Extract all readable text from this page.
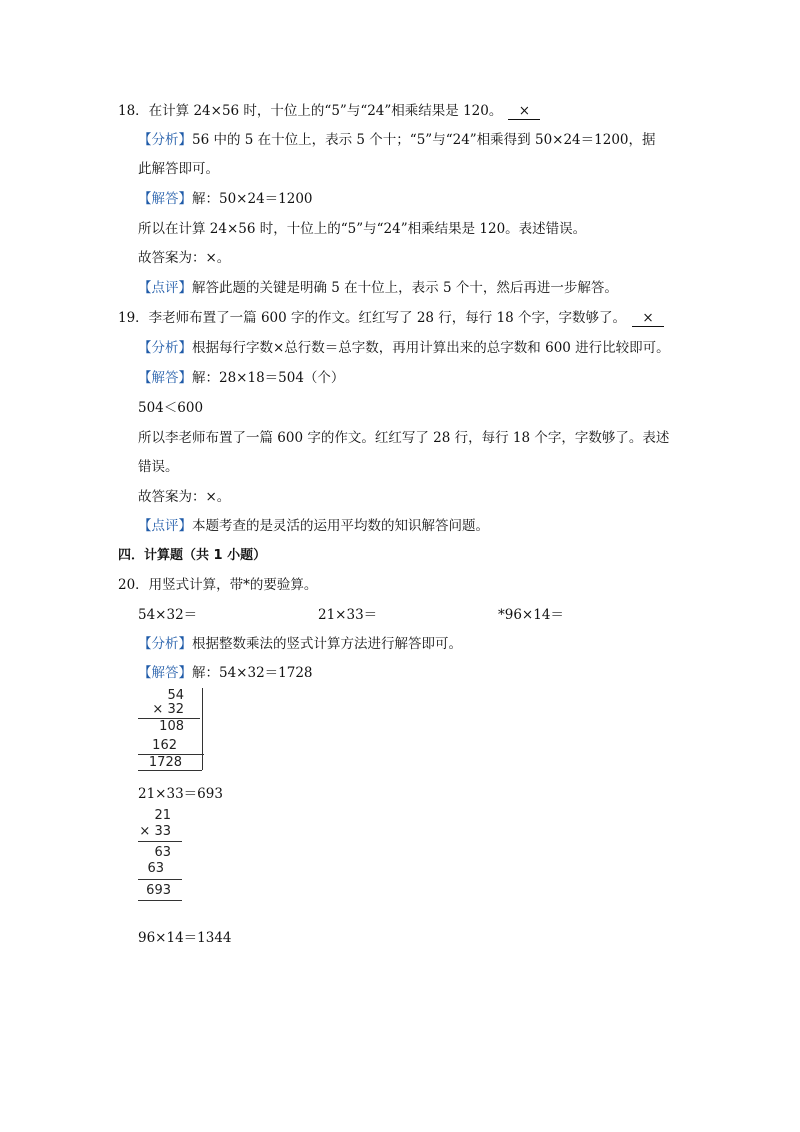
18．在计算 24×56 时，十位上的“5”与“24”相乘结果是 120。 ×
【分析】56 中的 5 在十位上，表示 5 个十；“5”与“24”相乘得到 50×24＝1200，据
此解答即可。
【解答】解：50×24＝1200
所以在计算 24×56 时，十位上的“5”与“24”相乘结果是 120。表述错误。
故答案为：×。
【点评】解答此题的关键是明确 5 在十位上，表示 5 个十，然后再进一步解答。
19．李老师布置了一篇 600 字的作文。红红写了 28 行，每行 18 个字，字数够了。 ×
【分析】根据每行字数×总行数＝总字数，再用计算出来的总字数和 600 进行比较即可。
【解答】解：28×18＝504（个）
504＜600
所以李老师布置了一篇 600 字的作文。红红写了 28 行，每行 18 个字，字数够了。表述
错误。
故答案为：×。
【点评】本题考查的是灵活的运用平均数的知识解答问题。
四．计算题（共 1 小题）
20．用竖式计算，带*的要验算。
54×32＝	21×33＝	*96×14＝
【分析】根据整数乘法的竖式计算方法进行解答即可。
【解答】解：54×32＝1728
54
× 32
108
162
1728
21×33＝693
21
× 33
63
63
693
96×14＝1344
